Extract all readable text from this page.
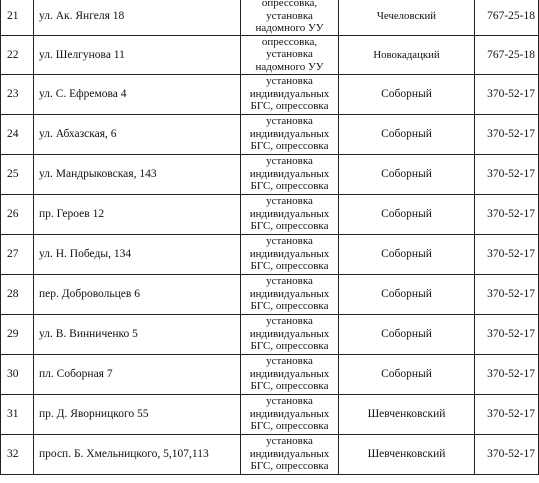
21	ул. Ак. Янгеля 18	опрессовка,
установка
надомного УУ	Чечеловский	767-25-18
22	ул. Шелгунова 11	опрессовка,
установка
надомного УУ	Новокадацкий	767-25-18
23	ул. С. Ефремова 4	установка
индивидуальных
БГС, опрессовка	Соборный	370-52-17
24	ул. Абхазская, 6	установка
индивидуальных
БГС, опрессовка	Соборный	370-52-17
25	ул. Мандрыковская, 143	установка
индивидуальных
БГС, опрессовка	Соборный	370-52-17
26	пр. Героев 12	установка
индивидуальных
БГС, опрессовка	Соборный	370-52-17
27	ул. Н. Победы, 134	установка
индивидуальных
БГС, опрессовка	Соборный	370-52-17
28	пер. Добровольцев 6	установка
индивидуальных
БГС, опрессовка	Соборный	370-52-17
29	ул. В. Винниченко 5	установка
индивидуальных
БГС, опрессовка	Соборный	370-52-17
30	пл. Соборная 7	установка
индивидуальных
БГС, опрессовка	Соборный	370-52-17
31	пр. Д. Яворницкого 55	установка
индивидуальных
БГС, опрессовка	Шевченковский	370-52-17
32	просп. Б. Хмельницкого, 5,107,113	установка
индивидуальных
БГС, опрессовка	Шевченковский	370-52-17
